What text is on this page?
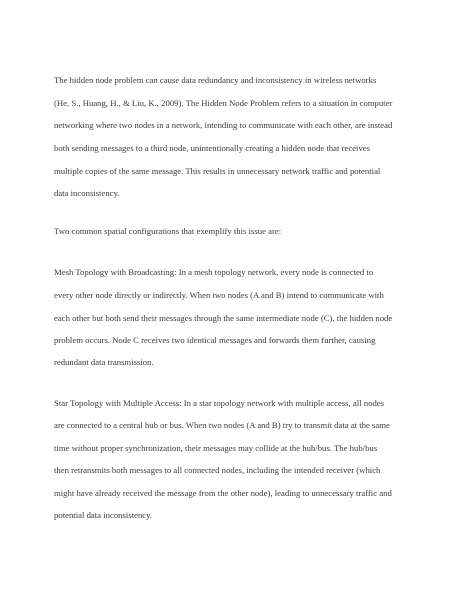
The hidden node problem can cause data redundancy and inconsistency in wireless networks

(He, S., Huang, H., & Liu, K., 2009). The Hidden Node Problem refers to a situation in computer

networking where two nodes in a network, intending to communicate with each other, are instead

both sending messages to a third node, unintentionally creating a hidden node that receives

multiple copies of the same message. This results in unnecessary network traffic and potential

data inconsistency.

Two common spatial configurations that exemplify this issue are:

Mesh Topology with Broadcasting: In a mesh topology network, every node is connected to

every other node directly or indirectly. When two nodes (A and B) intend to communicate with

each other but both send their messages through the same intermediate node (C), the hidden node

problem occurs. Node C receives two identical messages and forwards them further, causing

redundant data transmission.

Star Topology with Multiple Access: In a star topology network with multiple access, all nodes

are connected to a central hub or bus. When two nodes (A and B) try to transmit data at the same

time without proper synchronization, their messages may collide at the hub/bus. The hub/bus

then retransmits both messages to all connected nodes, including the intended receiver (which

might have already received the message from the other node), leading to unnecessary traffic and

potential data inconsistency.
